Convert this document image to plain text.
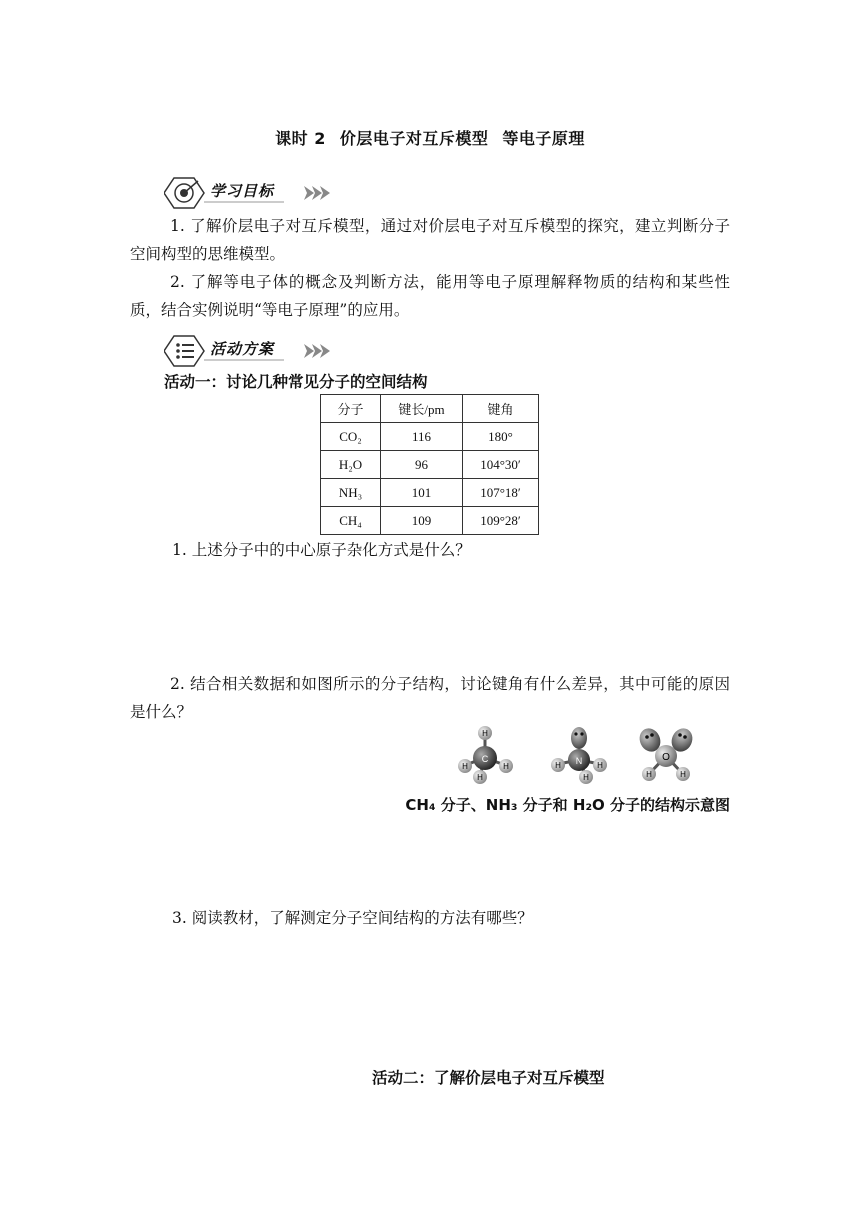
课时 2 价层电子对互斥模型 等电子原理
学习目标
1. 了解价层电子对互斥模型，通过对价层电子对互斥模型的探究，建立判断分子空间构型的思维模型。
2. 了解等电子体的概念及判断方法，能用等电子原理解释物质的结构和某些性质，结合实例说明“等电子原理”的应用。
活动方案
活动一：讨论几种常见分子的空间结构
分子	键长/pm	键角
CO₂	116	180°
H₂O	96	104°30′
NH₃	101	107°18′
CH₄	109	109°28′
1. 上述分子中的中心原子杂化方式是什么？
2. 结合相关数据和如图所示的分子结构，讨论键角有什么差异，其中可能的原因是什么？
H
H	H
H
C
H	H
H
N	O
H	H
CH₄ 分子、NH₃ 分子和 H₂O 分子的结构示意图
3. 阅读教材，了解测定分子空间结构的方法有哪些？
活动二：了解价层电子对互斥模型
